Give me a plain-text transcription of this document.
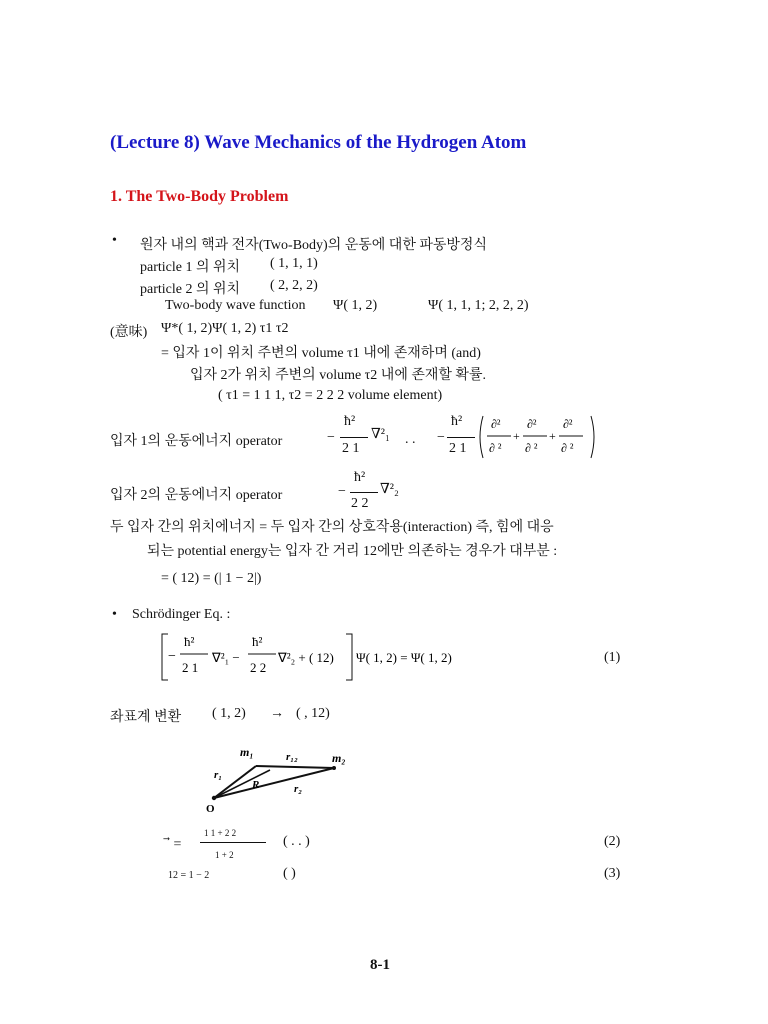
(Lecture 8) Wave Mechanics of the Hydrogen Atom
1. The Two-Body Problem
• 원자 내의 핵과 전자(Two-Body)의 운동에 대한 파동방정식
particle 1 의 위치 ( 1, 1, 1)
particle 2 의 위치 ( 2, 2, 2)
Two-body wave function Ψ( 1, 2)	Ψ( 1, 1, 1; 2, 2, 2)
(意味) Ψ*( 1, 2)Ψ( 1, 2) τ1 τ2
= 입자 1이 위치 주변의 volume τ1 내에 존재하며 (and)
입자 2가 위치 주변의 volume τ2 내에 존재할 확률.
( τ1 = 1 1 1, τ2 = 2 2 2 volume element)
입자 1의 운동에너지 operator	−
ħ²
2 1
∇²₁ . . −
ħ²
2 1
∂²
∂ ²
+
∂²
∂ ²
+
∂²
∂ ²
입자 2의 운동에너지 operator	−
ħ²
2 2
∇²₂
두 입자 간의 위치에너지 = 두 입자 간의 상호작용(interaction) 즉, 힘에 대응
되는 potential energy는 입자 간 거리 12에만 의존하는 경우가 대부분 :
= ( 12) = (| 1 − 2|)
• Schrödinger Eq. :
−
ħ²
2 1
∇²₁ −
ħ²
2 2
∇²₂ + ( 12) Ψ( 1, 2) = Ψ( 1, 2)	(1)
좌표계 변환 ( 1, 2) → ( , 12)
m₁	m₂
r₁₂
r₁
r₂
R
O
⃗ =
1 1 + 2 2
1 + 2
( . . )	(2)
12 = 1 − 2	( )	(3)
8-1
